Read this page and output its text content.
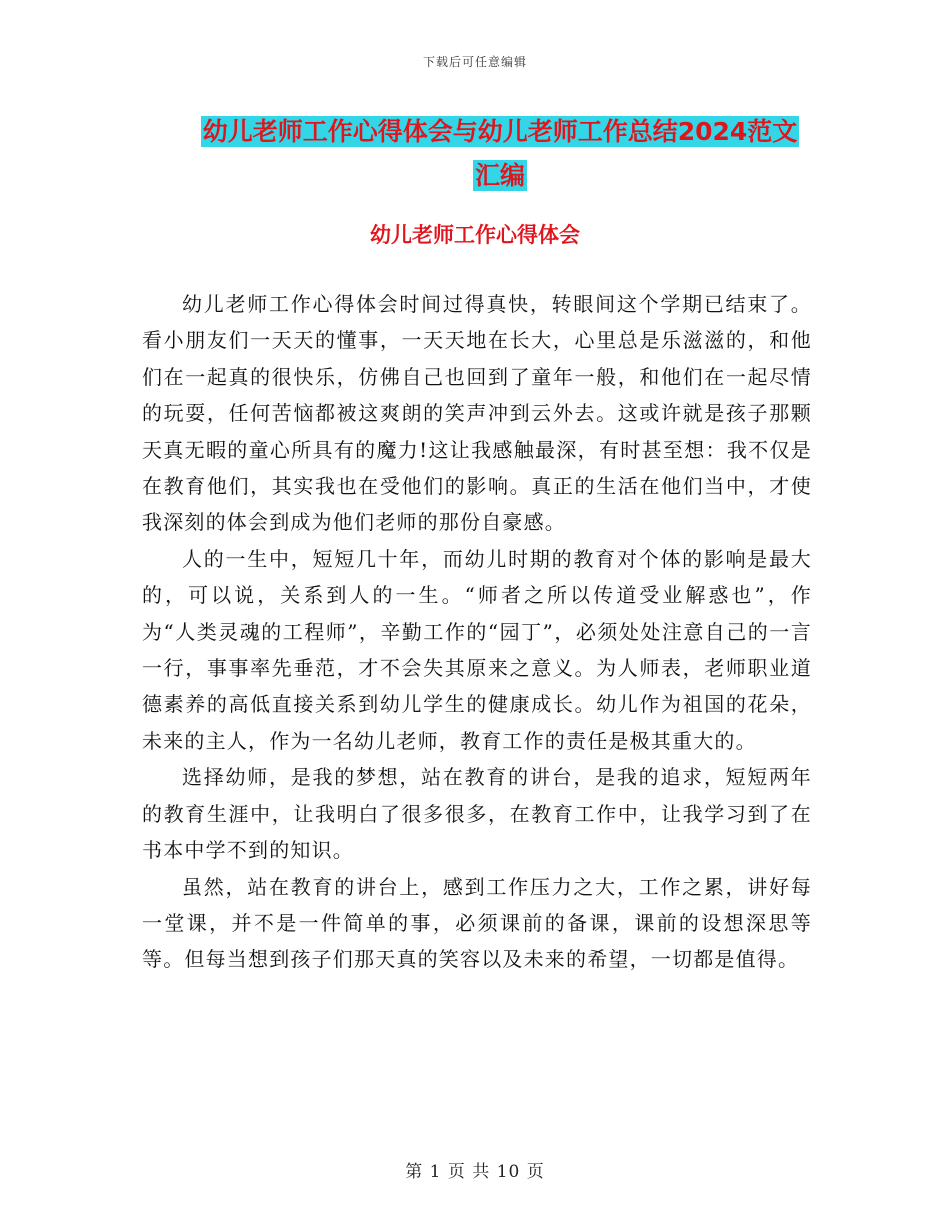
下载后可任意编辑
幼儿老师工作心得体会与幼儿老师工作总结2024范文
汇编
幼儿老师工作心得体会

幼儿老师工作心得体会时间过得真快，转眼间这个学期已结束了。看小朋友们一天天的懂事，一天天地在长大，心里总是乐滋滋的，和他们在一起真的很快乐，仿佛自己也回到了童年一般，和他们在一起尽情的玩耍，任何苦恼都被这爽朗的笑声冲到云外去。这或许就是孩子那颗天真无暇的童心所具有的魔力!这让我感触最深，有时甚至想：我不仅是在教育他们，其实我也在受他们的影响。真正的生活在他们当中，才使我深刻的体会到成为他们老师的那份自豪感。

人的一生中，短短几十年，而幼儿时期的教育对个体的影响是最大的，可以说，关系到人的一生。“师者之所以传道受业解惑也”，作为“人类灵魂的工程师”，辛勤工作的“园丁”，必须处处注意自己的一言一行，事事率先垂范，才不会失其原来之意义。为人师表，老师职业道德素养的高低直接关系到幼儿学生的健康成长。幼儿作为祖国的花朵，未来的主人，作为一名幼儿老师，教育工作的责任是极其重大的。

选择幼师，是我的梦想，站在教育的讲台，是我的追求，短短两年的教育生涯中，让我明白了很多很多，在教育工作中，让我学习到了在书本中学不到的知识。

虽然，站在教育的讲台上，感到工作压力之大，工作之累，讲好每一堂课，并不是一件简单的事，必须课前的备课，课前的设想深思等等。但每当想到孩子们那天真的笑容以及未来的希望，一切都是值得。

第 1 页 共 10 页
